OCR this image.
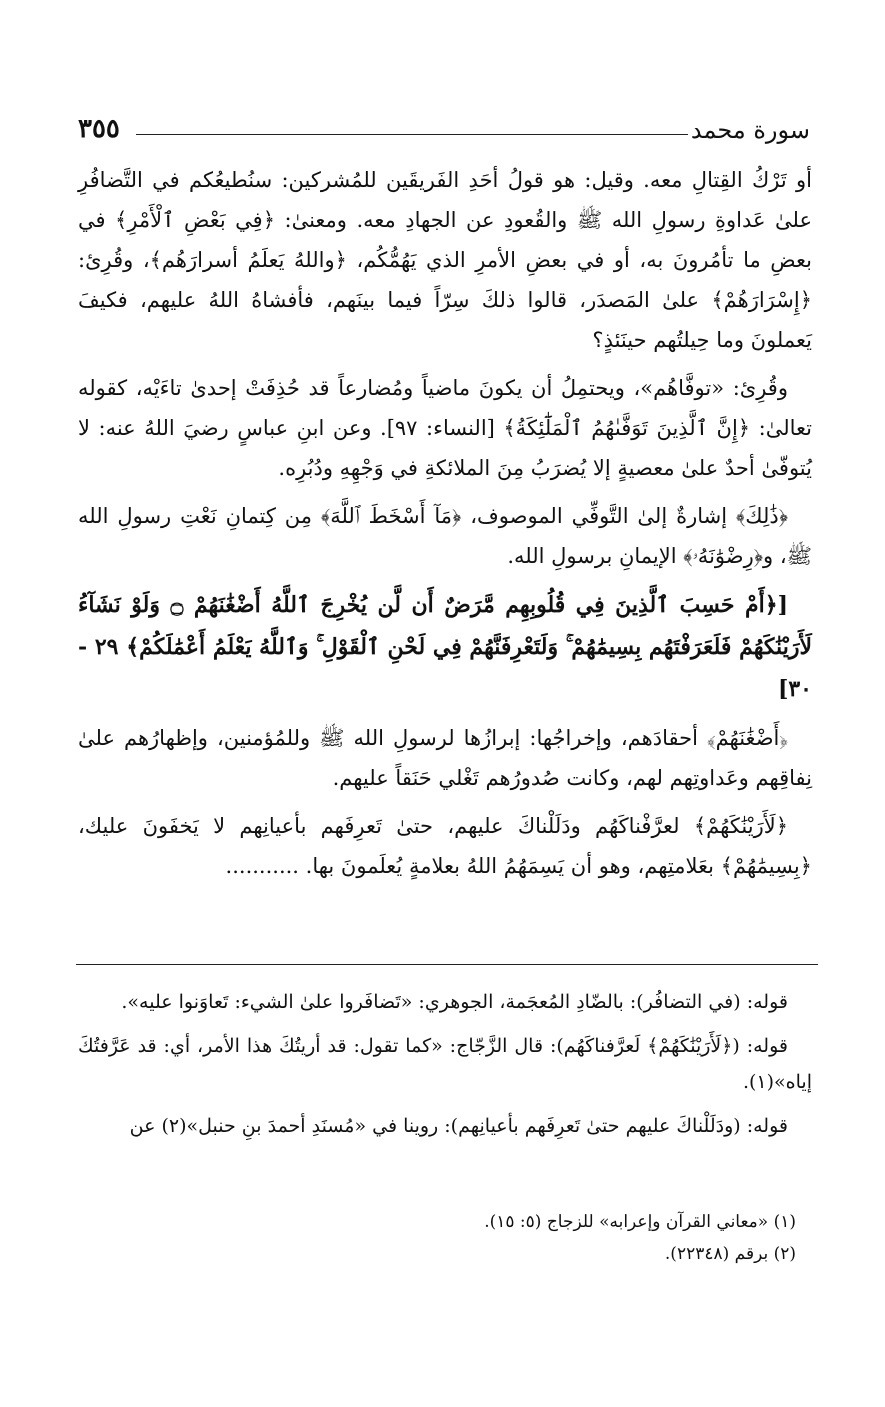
سورة محمد
٣٥٥

أو تَرْكُ القِتالِ معه. وقيل: هو قولُ أحَدِ الفَريقَين للمُشركين: سنُطيعُكم في التَّضافُرِ علىٰ عَداوةِ رسولِ الله ﷺ والقُعودِ عن الجهادِ معه. ومعنىٰ: ﴿فِي بَعْضِ ٱلْأَمْرِ﴾ في بعضِ ما تأمُرونَ به، أو في بعضِ الأمرِ الذي يَهُمُّكُم، ﴿واللهُ يَعلَمُ أسرارَهُم﴾، وقُرِئ: ﴿إِسْرَارَهُمْ﴾ علىٰ المَصدَر، قالوا ذلكَ سِرّاً فيما بينَهم، فأفشاهُ اللهُ عليهم، فكيفَ يَعملونَ وما حِيلتُهم حينَئذٍ؟

وقُرِئ: «توفَّاهُم»، ويحتمِلُ أن يكونَ ماضياً ومُضارعاً قد حُذِفَتْ إحدىٰ تاءَيْه، كقوله تعالىٰ: ﴿إِنَّ ٱلَّذِينَ تَوَفَّىٰهُمُ ٱلْمَلَٰٓئِكَةُ﴾ [النساء: ٩٧]. وعن ابنِ عباسٍ رضيَ اللهُ عنه: لا يُتوفّىٰ أحدٌ علىٰ معصيةٍ إلا يُضرَبُ مِنَ الملائكةِ في وَجْهِهِ ودُبُرِه.

﴿ذَٰلِكَ﴾ إشارةٌ إلىٰ التَّوفِّي الموصوف، ﴿مَآ أَسْخَطَ ٱللَّهَ﴾ مِن كِتمانِ نَعْتِ رسولِ الله ﷺ، و﴿رِضْوَٰنَهُۥ﴾ الإيمانِ برسولِ الله.

[﴿أَمْ حَسِبَ ٱلَّذِينَ فِي قُلُوبِهِم مَّرَضٌ أَن لَّن يُخْرِجَ ٱللَّهُ أَضْغَٰنَهُمْ ۝ وَلَوْ نَشَآءُ لَأَرَيْنَٰكَهُمْ فَلَعَرَفْتَهُم بِسِيمَٰهُمْ ۚ وَلَتَعْرِفَنَّهُمْ فِي لَحْنِ ٱلْقَوْلِ ۚ وَٱللَّهُ يَعْلَمُ أَعْمَٰلَكُمْ﴾ ٢٩ - ٣٠]

﴿أَضْغَٰنَهُمْ﴾ أحقادَهم، وإخراجُها: إبرازُها لرسولِ الله ﷺ وللمُؤمنين، وإظهارُهم علىٰ نِفاقِهم وعَداوتِهم لهم، وكانت صُدورُهم تَغْلي حَنَقاً عليهم.

﴿لَأَرَيْنَٰكَهُمْ﴾ لعرَّفْناكَهُم ودَلَلْناكَ عليهم، حتىٰ تَعرِفَهم بأعيانِهم لا يَخفَونَ عليك، ﴿بِسِيمَٰهُمْ﴾ بعَلامتِهم، وهو أن يَسِمَهُمُ اللهُ بعلامةٍ يُعلَمونَ بها. ...........

قوله: (في التضافُر): بالضّادِ المُعجَمة، الجوهري: «تَضافَروا علىٰ الشيء: تَعاوَنوا عليه».

قوله: (﴿لَأَرَيْنَٰكَهُمْ﴾ لَعرَّفناكَهُم): قال الزَّجّاج: «كما تقول: قد أريتُكَ هذا الأمر، أي: قد عَرَّفتُكَ إياه»(١).

قوله: (ودَلَلْناكَ عليهم حتىٰ تَعرِفَهم بأعيانِهم): روينا في «مُسنَدِ أحمدَ بنِ حنبل»(٢) عن

(١) «معاني القرآن وإعرابه» للزجاج (٥: ١٥).
(٢) برقم (٢٢٣٤٨).
